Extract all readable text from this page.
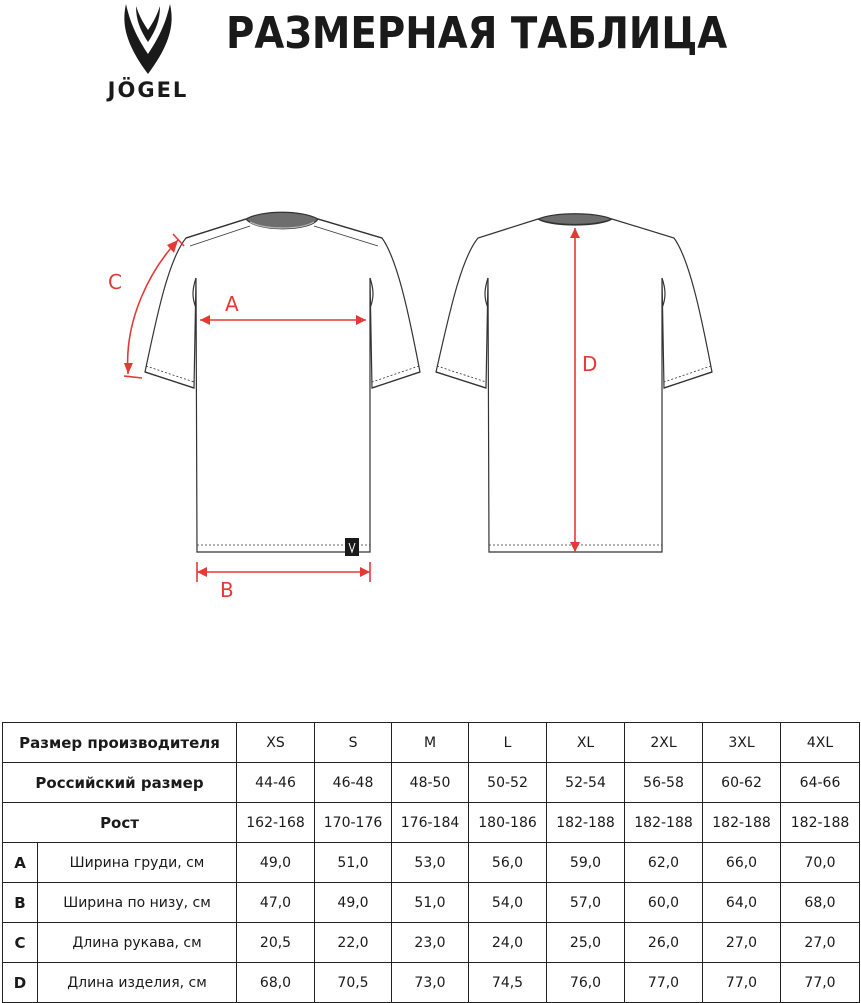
JÖGEL
РАЗМЕРНАЯ ТАБЛИЦА
A
B
C
D
Размер производителя		XS	S	M	L	XL	2XL	3XL	4XL
Российский размер		44-46	46-48	48-50	50-52	52-54	56-58	60-62	64-66
Рост		162-168	170-176	176-184	180-186	182-188	182-188	182-188	182-188
A	Ширина груди, см	49,0	51,0	53,0	56,0	59,0	62,0	66,0	70,0
B	Ширина по низу, см	47,0	49,0	51,0	54,0	57,0	60,0	64,0	68,0
C	Длина рукава, см	20,5	22,0	23,0	24,0	25,0	26,0	27,0	27,0
D	Длина изделия, см	68,0	70,5	73,0	74,5	76,0	77,0	77,0	77,0
